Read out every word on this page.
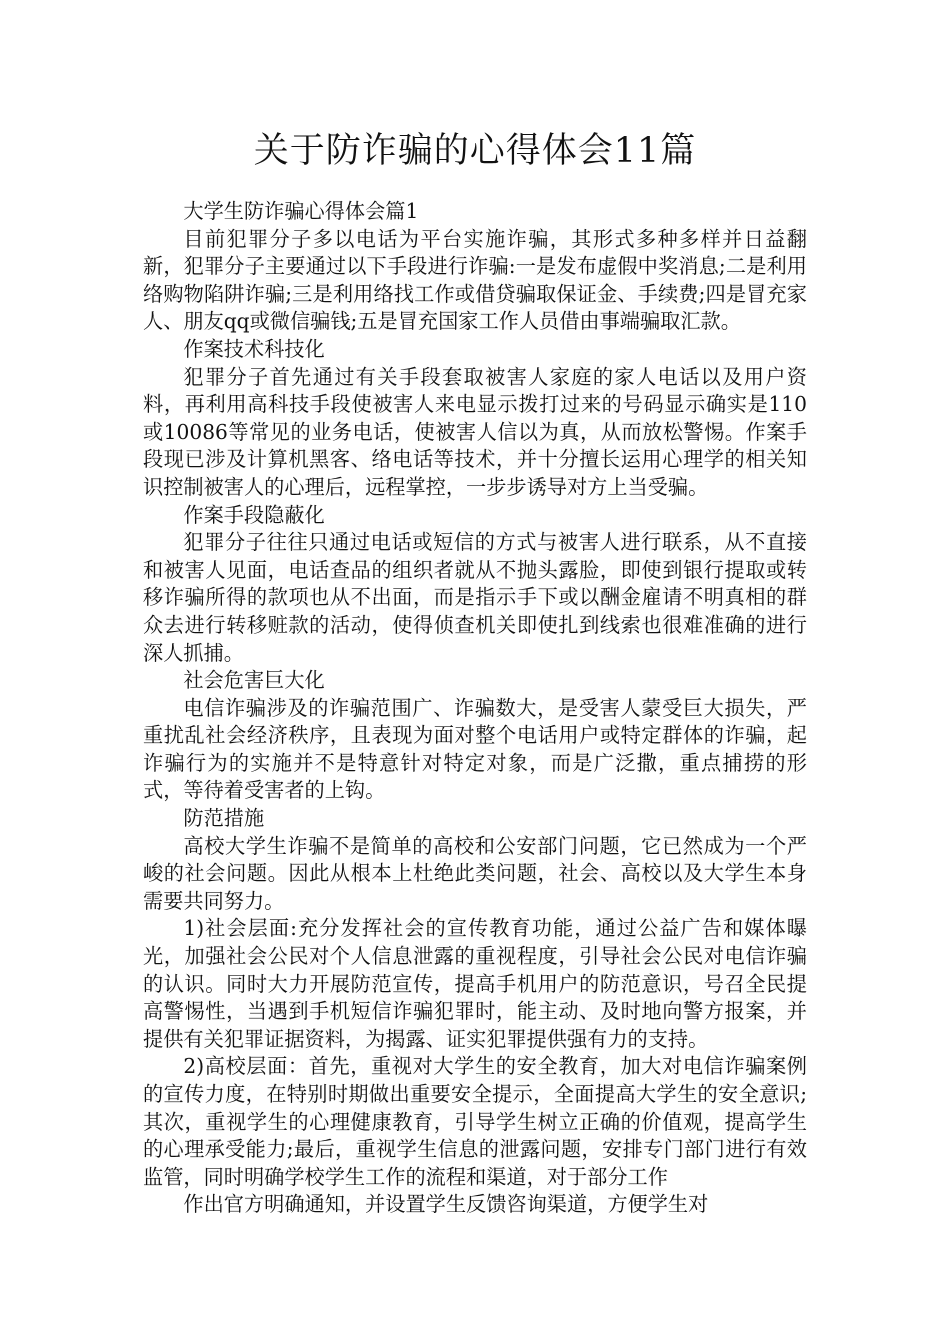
关于防诈骗的心得体会11篇

大学生防诈骗心得体会篇1

目前犯罪分子多以电话为平台实施诈骗，其形式多种多样并日益翻新，犯罪分子主要通过以下手段进行诈骗:一是发布虚假中奖消息;二是利用络购物陷阱诈骗;三是利用络找工作或借贷骗取保证金、手续费;四是冒充家人、朋友qq或微信骗钱;五是冒充国家工作人员借由事端骗取汇款。

作案技术科技化

犯罪分子首先通过有关手段套取被害人家庭的家人电话以及用户资料，再利用高科技手段使被害人来电显示拨打过来的号码显示确实是110或10086等常见的业务电话，使被害人信以为真，从而放松警惕。作案手段现已涉及计算机黑客、络电话等技术，并十分擅长运用心理学的相关知识控制被害人的心理后，远程掌控，一步步诱导对方上当受骗。

作案手段隐蔽化

犯罪分子往往只通过电话或短信的方式与被害人进行联系，从不直接和被害人见面，电话查品的组织者就从不抛头露脸，即使到银行提取或转移诈骗所得的款项也从不出面，而是指示手下或以酬金雇请不明真相的群众去进行转移赃款的活动，使得侦查机关即使扎到线索也很难准确的进行深人抓捕。

社会危害巨大化

电信诈骗涉及的诈骗范围广、诈骗数大，是受害人蒙受巨大损失，严重扰乱社会经济秩序，且表现为面对整个电话用户或特定群体的诈骗，起诈骗行为的实施并不是特意针对特定对象，而是广泛撒，重点捕捞的形式，等待着受害者的上钩。

防范措施

高校大学生诈骗不是简单的高校和公安部门问题，它已然成为一个严峻的社会问题。因此从根本上杜绝此类问题，社会、高校以及大学生本身需要共同努力。

1)社会层面:充分发挥社会的宣传教育功能，通过公益广告和媒体曝光，加强社会公民对个人信息泄露的重视程度，引导社会公民对电信诈骗的认识。同时大力开展防范宣传，提高手机用户的防范意识，号召全民提高警惕性，当遇到手机短信诈骗犯罪时，能主动、及时地向警方报案，并提供有关犯罪证据资料，为揭露、证实犯罪提供强有力的支持。

2)高校层面：首先，重视对大学生的安全教育，加大对电信诈骗案例的宣传力度，在特别时期做出重要安全提示，全面提高大学生的安全意识;其次，重视学生的心理健康教育，引导学生树立正确的价值观，提高学生的心理承受能力;最后，重视学生信息的泄露问题，安排专门部门进行有效监管，同时明确学校学生工作的流程和渠道，对于部分工作

作出官方明确通知，并设置学生反馈咨询渠道，方便学生对
